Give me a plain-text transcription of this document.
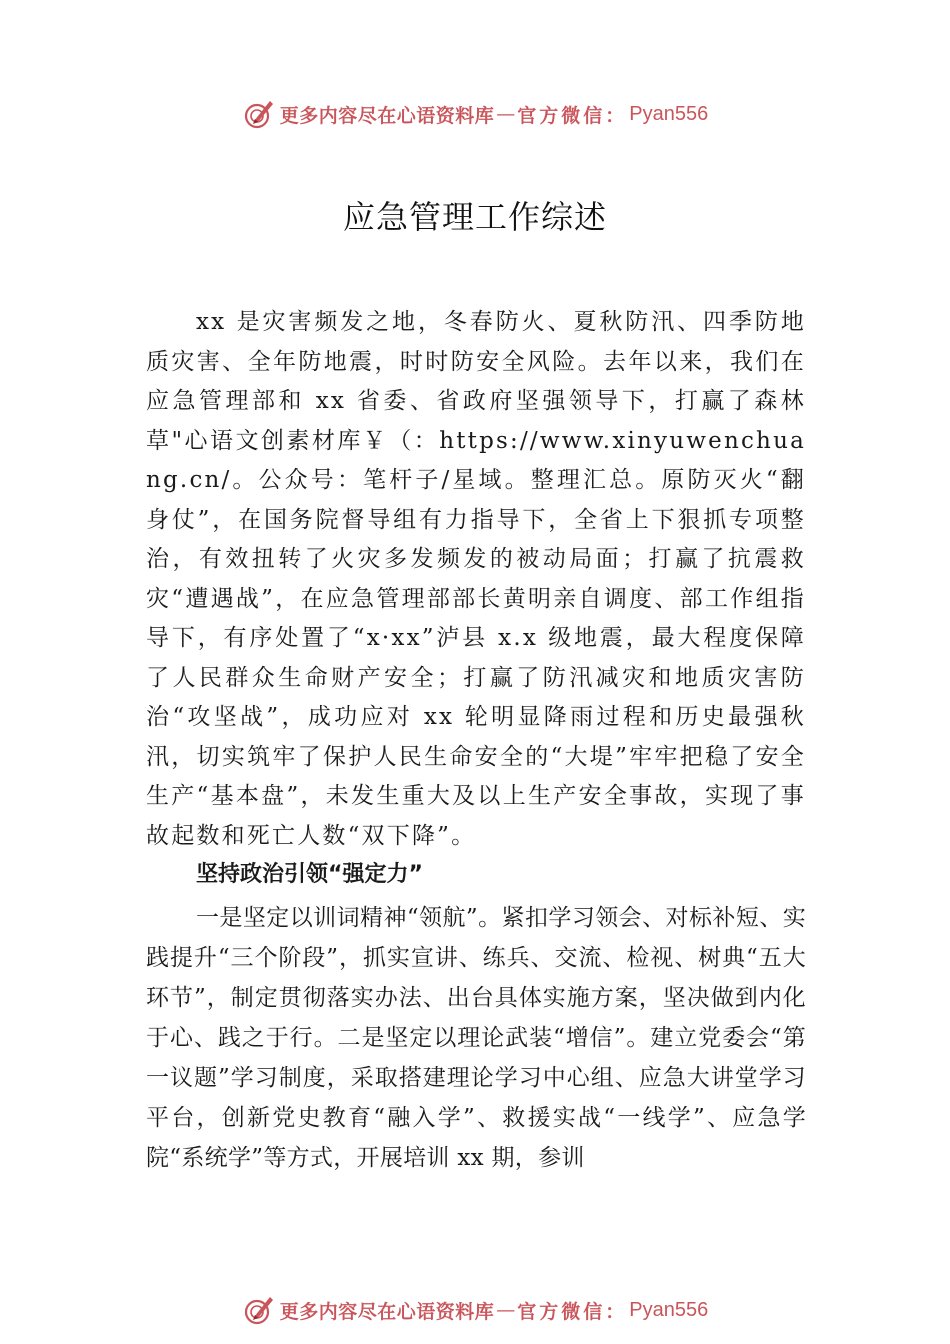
更多内容尽在心语资料库 — 官方微信： Pyan556
应急管理工作综述
xx 是灾害频发之地，冬春防火、夏秋防汛、四季防地质灾害、全年防地震，时时防安全风险。去年以来，我们在应急管理部和 xx 省委、省政府坚强领导下，打赢了森林草"心语文创素材库￥（：https://www.xinyuwenchuang.cn/。公众号：笔杆子/星域。整理汇总。原防灭火“翻身仗”，在国务院督导组有力指导下，全省上下狠抓专项整治，有效扭转了火灾多发频发的被动局面；打赢了抗震救灾“遭遇战”，在应急管理部部长黄明亲自调度、部工作组指导下，有序处置了“x·xx”泸县 x.x 级地震，最大程度保障了人民群众生命财产安全；打赢了防汛减灾和地质灾害防治“攻坚战”，成功应对 xx 轮明显降雨过程和历史最强秋汛，切实筑牢了保护人民生命安全的“大堤”牢牢把稳了安全生产“基本盘”，未发生重大及以上生产安全事故，实现了事故起数和死亡人数“双下降”。
坚持政治引领“强定力”
一是坚定以训词精神“领航”。紧扣学习领会、对标补短、实践提升“三个阶段”，抓实宣讲、练兵、交流、检视、树典“五大环节”，制定贯彻落实办法、出台具体实施方案，坚决做到内化于心、践之于行。二是坚定以理论武装“增信”。建立党委会“第一议题”学习制度，采取搭建理论学习中心组、应急大讲堂学习平台，创新党史教育“融入学”、救援实战“一线学”、应急学院“系统学”等方式，开展培训 xx 期，参训
更多内容尽在心语资料库 — 官方微信： Pyan556
